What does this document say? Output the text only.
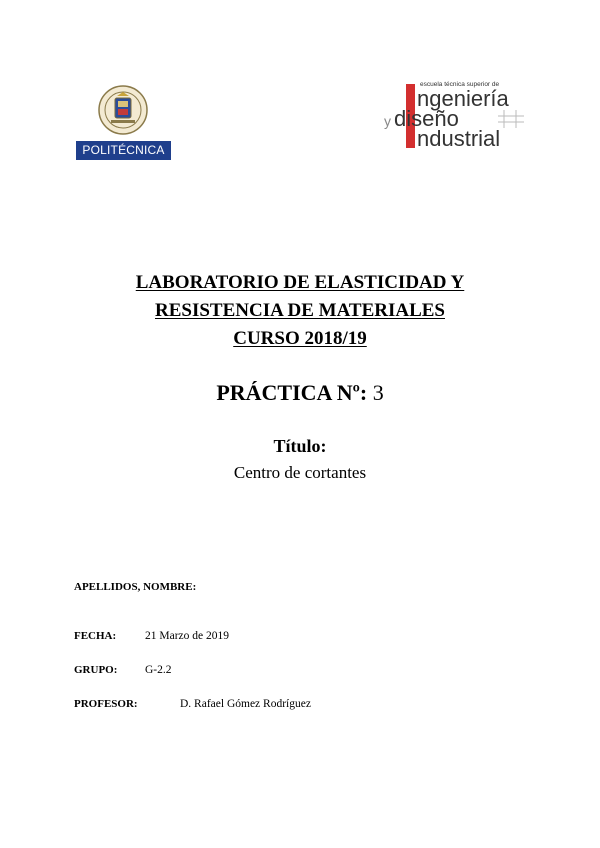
POLITÉCNICA
escuela técnica superior de
ngeniería
y diseño
ndustrial
LABORATORIO DE ELASTICIDAD Y
RESISTENCIA DE MATERIALES
CURSO 2018/19
PRÁCTICA Nº: 3
Título:
Centro de cortantes
APELLIDOS, NOMBRE:
FECHA:	21 Marzo de 2019
GRUPO: G-2.2
PROFESOR:	D. Rafael Gómez Rodríguez
